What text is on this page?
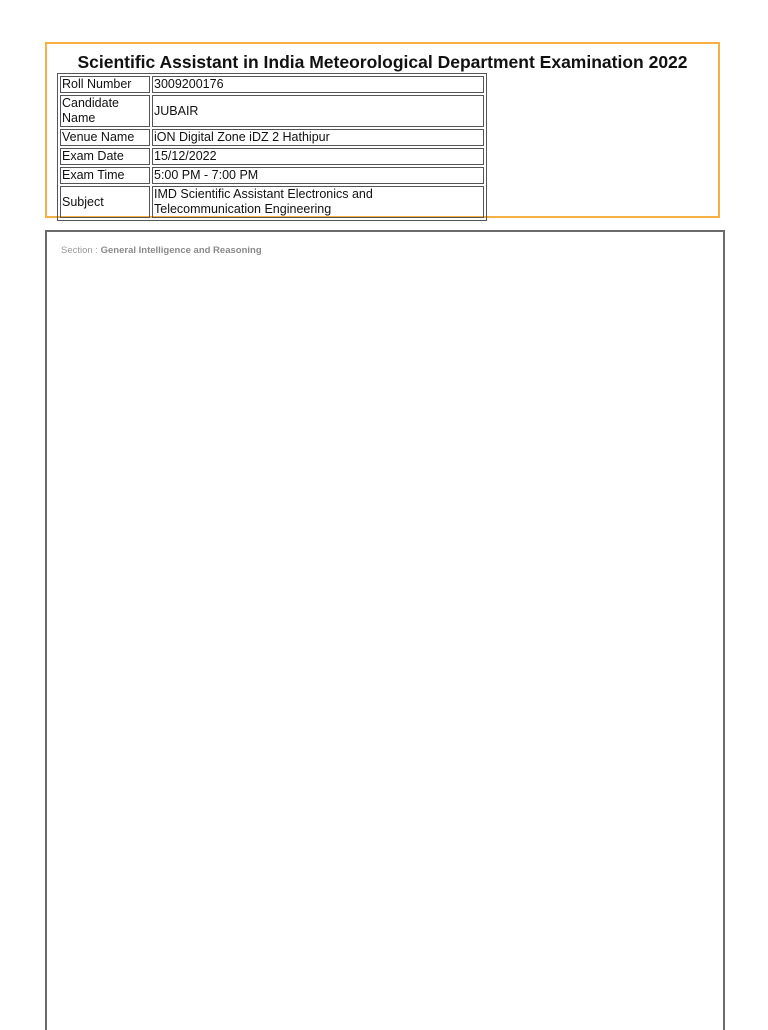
Scientific Assistant in India Meteorological Department Examination 2022
Roll Number	3009200176
Candidate Name	JUBAIR
Venue Name	iON Digital Zone iDZ 2 Hathipur
Exam Date	15/12/2022
Exam Time	5:00 PM - 7:00 PM
Subject	IMD Scientific Assistant Electronics and Telecommunication Engineering
Section : General Intelligence and Reasoning
